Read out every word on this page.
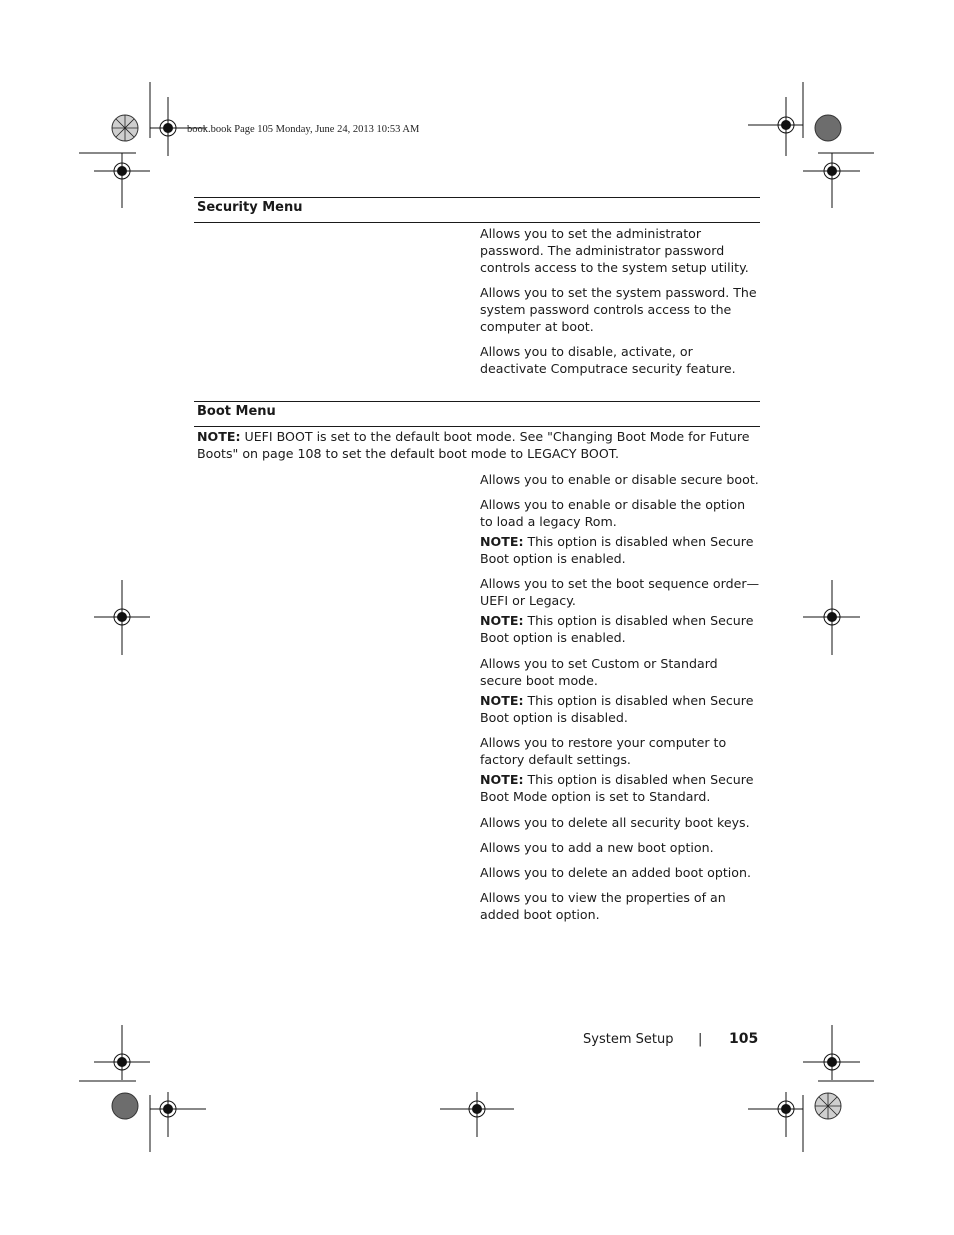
book.book Page 105 Monday, June 24, 2013 10:53 AM
Security Menu

Allows you to set the administrator password. The administrator password controls access to the system setup utility.

Allows you to set the system password. The system password controls access to the computer at boot.

Allows you to disable, activate, or deactivate Computrace security feature.

Boot Menu
NOTE: UEFI BOOT is set to the default boot mode. See "Changing Boot Mode for Future Boots" on page 108 to set the default boot mode to LEGACY BOOT.

Allows you to enable or disable secure boot.

Allows you to enable or disable the option to load a legacy Rom.

NOTE: This option is disabled when Secure Boot option is enabled.

Allows you to set the boot sequence order—UEFI or Legacy.

NOTE: This option is disabled when Secure Boot option is enabled.

Allows you to set Custom or Standard secure boot mode.

NOTE: This option is disabled when Secure Boot option is disabled.

Allows you to restore your computer to factory default settings.

NOTE: This option is disabled when Secure Boot Mode option is set to Standard.

Allows you to delete all security boot keys.

Allows you to add a new boot option.

Allows you to delete an added boot option.

Allows you to view the properties of an added boot option.

System Setup | 105
